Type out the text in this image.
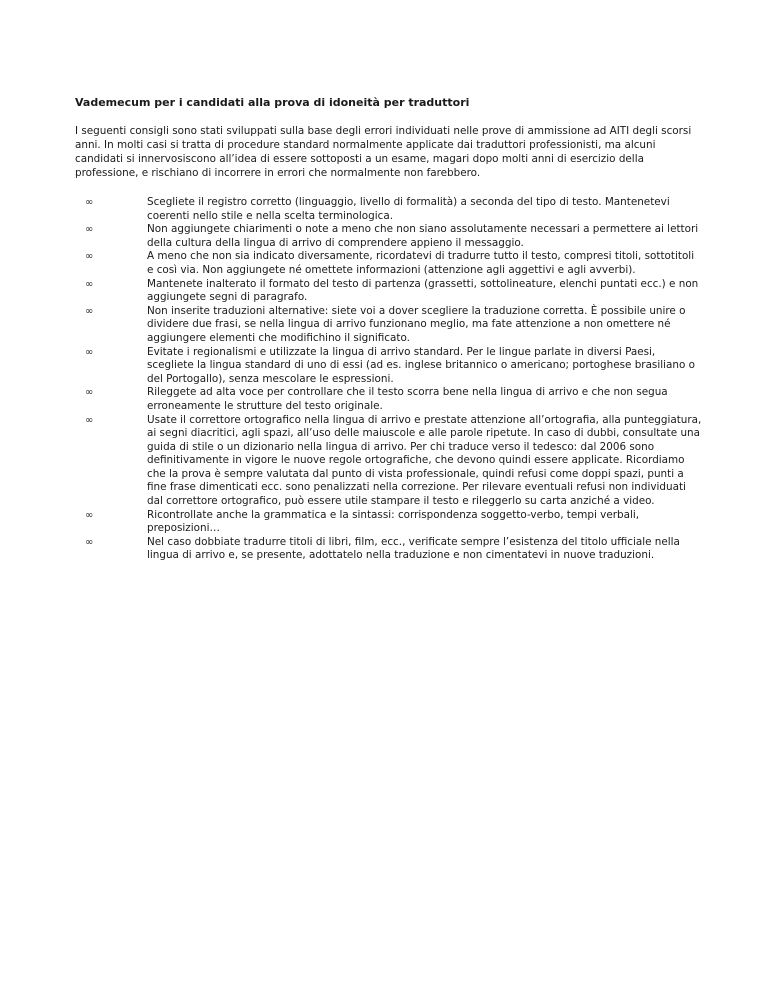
Vademecum per i candidati alla prova di idoneità per traduttori

I seguenti consigli sono stati sviluppati sulla base degli errori individuati nelle prove di ammissione ad AITI degli scorsi anni. In molti casi si tratta di procedure standard normalmente applicate dai traduttori professionisti, ma alcuni candidati si innervosiscono all’idea di essere sottoposti a un esame, magari dopo molti anni di esercizio della professione, e rischiano di incorrere in errori che normalmente non farebbero.

∞	Scegliete il registro corretto (linguaggio, livello di formalità) a seconda del tipo di testo. Mantenetevi coerenti nello stile e nella scelta terminologica.
∞	Non aggiungete chiarimenti o note a meno che non siano assolutamente necessari a permettere ai lettori della cultura della lingua di arrivo di comprendere appieno il messaggio.
∞	A meno che non sia indicato diversamente, ricordatevi di tradurre tutto il testo, compresi titoli, sottotitoli e così via. Non aggiungete né omettete informazioni (attenzione agli aggettivi e agli avverbi).
∞	Mantenete inalterato il formato del testo di partenza (grassetti, sottolineature, elenchi puntati ecc.) e non aggiungete segni di paragrafo.
∞	Non inserite traduzioni alternative: siete voi a dover scegliere la traduzione corretta. È possibile unire o dividere due frasi, se nella lingua di arrivo funzionano meglio, ma fate attenzione a non omettere né aggiungere elementi che modifichino il significato.
∞	Evitate i regionalismi e utilizzate la lingua di arrivo standard. Per le lingue parlate in diversi Paesi, scegliete la lingua standard di uno di essi (ad es. inglese britannico o americano; portoghese brasiliano o del Portogallo), senza mescolare le espressioni.
∞	Rileggete ad alta voce per controllare che il testo scorra bene nella lingua di arrivo e che non segua erroneamente le strutture del testo originale.
∞	Usate il correttore ortografico nella lingua di arrivo e prestate attenzione all’ortografia, alla punteggiatura, ai segni diacritici, agli spazi, all’uso delle maiuscole e alle parole ripetute. In caso di dubbi, consultate una guida di stile o un dizionario nella lingua di arrivo. Per chi traduce verso il tedesco: dal 2006 sono definitivamente in vigore le nuove regole ortografiche, che devono quindi essere applicate. Ricordiamo che la prova è sempre valutata dal punto di vista professionale, quindi refusi come doppi spazi, punti a fine frase dimenticati ecc. sono penalizzati nella correzione. Per rilevare eventuali refusi non individuati dal correttore ortografico, può essere utile stampare il testo e rileggerlo su carta anziché a video.
∞	Ricontrollate anche la grammatica e la sintassi: corrispondenza soggetto-verbo, tempi verbali, preposizioni…
∞	Nel caso dobbiate tradurre titoli di libri, film, ecc., verificate sempre l’esistenza del titolo ufficiale nella lingua di arrivo e, se presente, adottatelo nella traduzione e non cimentatevi in nuove traduzioni.
